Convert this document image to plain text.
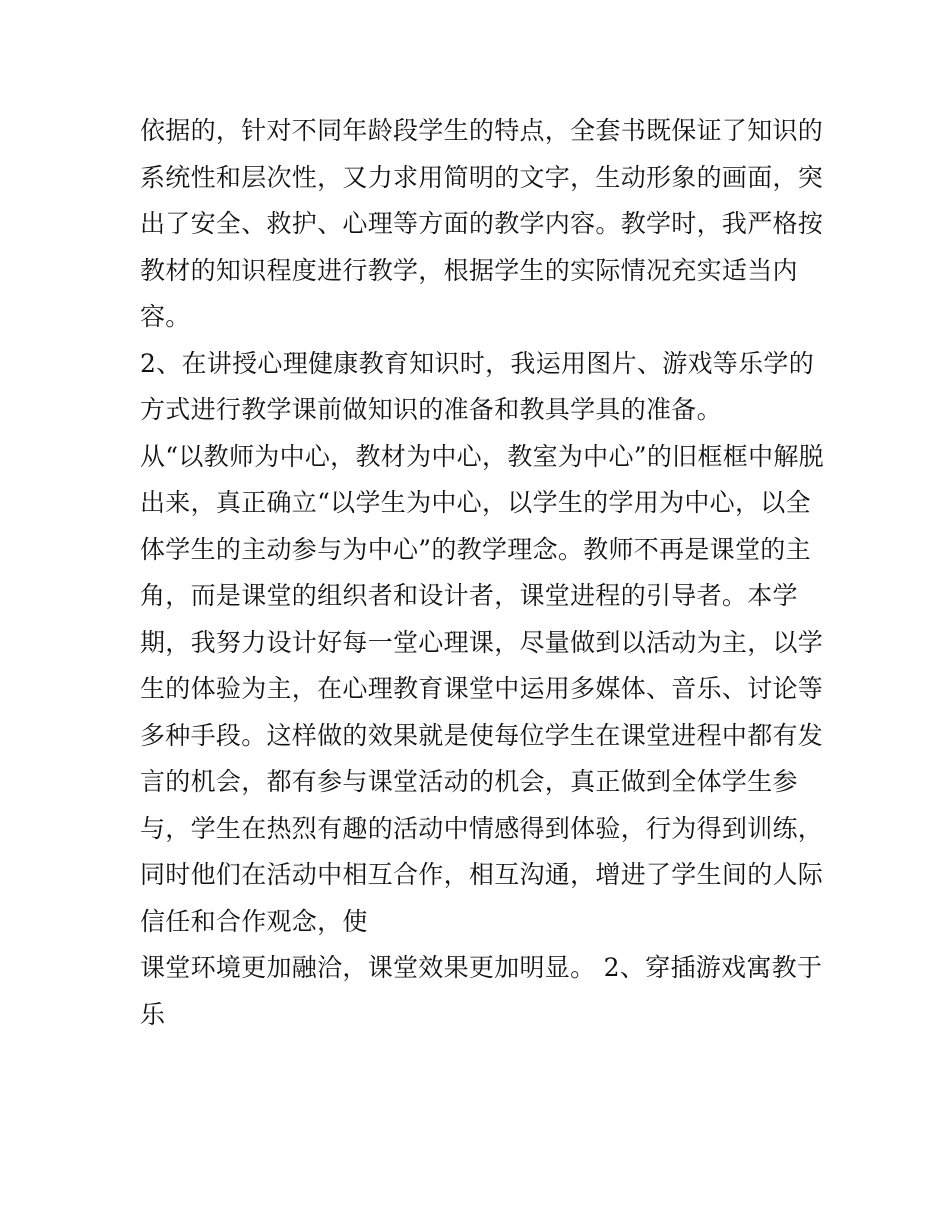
依据的，针对不同年龄段学生的特点，全套书既保证了知识的
系统性和层次性，又力求用简明的文字，生动形象的画面，突
出了安全、救护、心理等方面的教学内容。教学时，我严格按
教材的知识程度进行教学，根据学生的实际情况充实适当内
容。
2、在讲授心理健康教育知识时，我运用图片、游戏等乐学的
方式进行教学课前做知识的准备和教具学具的准备。
从“以教师为中心，教材为中心，教室为中心”的旧框框中解脱
出来，真正确立“以学生为中心，以学生的学用为中心，以全
体学生的主动参与为中心”的教学理念。教师不再是课堂的主
角，而是课堂的组织者和设计者，课堂进程的引导者。本学
期，我努力设计好每一堂心理课，尽量做到以活动为主，以学
生的体验为主，在心理教育课堂中运用多媒体、音乐、讨论等
多种手段。这样做的效果就是使每位学生在课堂进程中都有发
言的机会，都有参与课堂活动的机会，真正做到全体学生参
与，学生在热烈有趣的活动中情感得到体验，行为得到训练，
同时他们在活动中相互合作，相互沟通，增进了学生间的人际
信任和合作观念，使
课堂环境更加融洽，课堂效果更加明显。 2、穿插游戏寓教于
乐
